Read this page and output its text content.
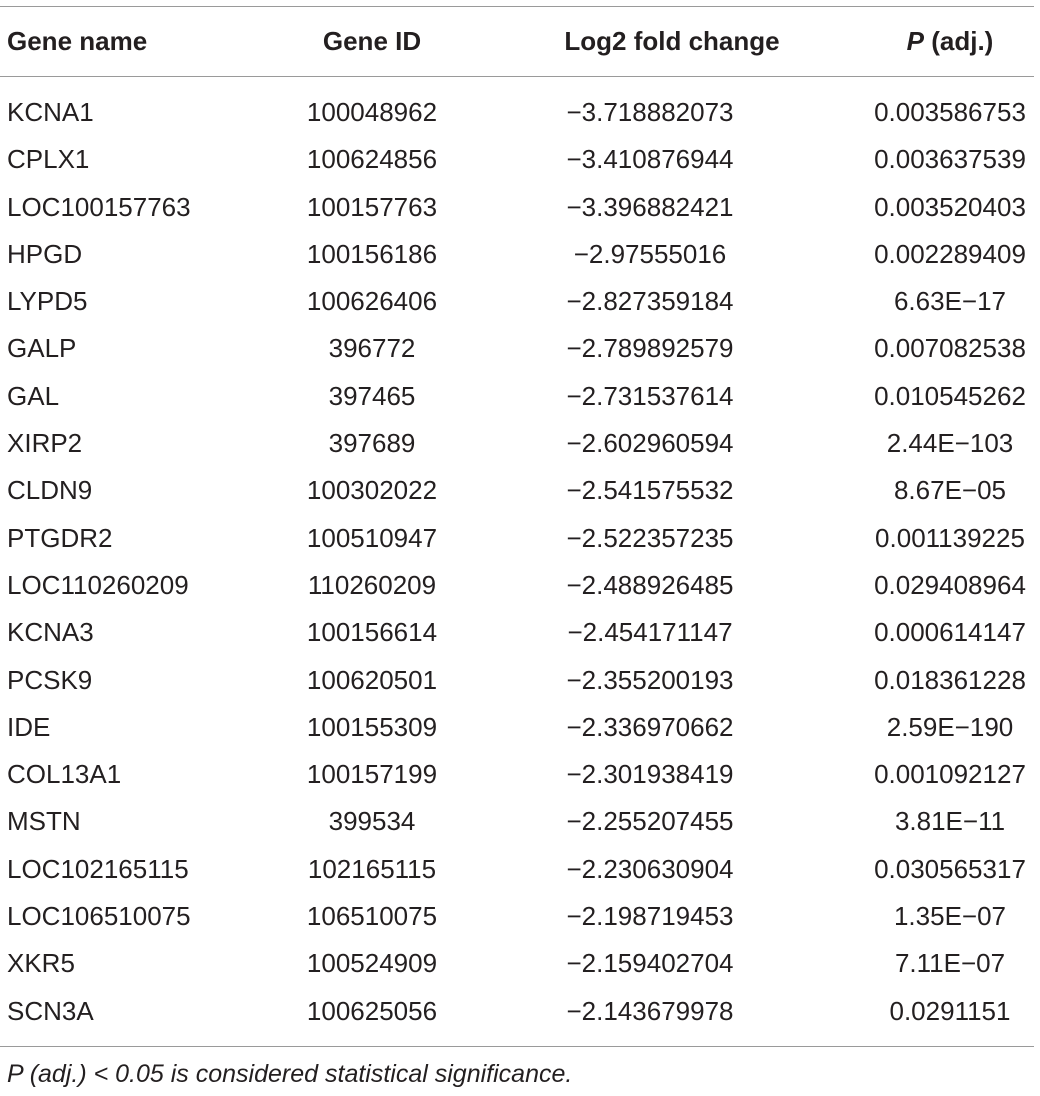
Gene name	Gene ID	Log2 fold change	P (adj.)
KCNA1	100048962	−3.718882073	0.003586753
CPLX1	100624856	−3.410876944	0.003637539
LOC100157763	100157763	−3.396882421	0.003520403
HPGD	100156186	−2.97555016	0.002289409
LYPD5	100626406	−2.827359184	6.63E−17
GALP	396772	−2.789892579	0.007082538
GAL	397465	−2.731537614	0.010545262
XIRP2	397689	−2.602960594	2.44E−103
CLDN9	100302022	−2.541575532	8.67E−05
PTGDR2	100510947	−2.522357235	0.001139225
LOC110260209	110260209	−2.488926485	0.029408964
KCNA3	100156614	−2.454171147	0.000614147
PCSK9	100620501	−2.355200193	0.018361228
IDE	100155309	−2.336970662	2.59E−190
COL13A1	100157199	−2.301938419	0.001092127
MSTN	399534	−2.255207455	3.81E−11
LOC102165115	102165115	−2.230630904	0.030565317
LOC106510075	106510075	−2.198719453	1.35E−07
XKR5	100524909	−2.159402704	7.11E−07
SCN3A	100625056	−2.143679978	0.0291151
P (adj.) < 0.05 is considered statistical significance.
